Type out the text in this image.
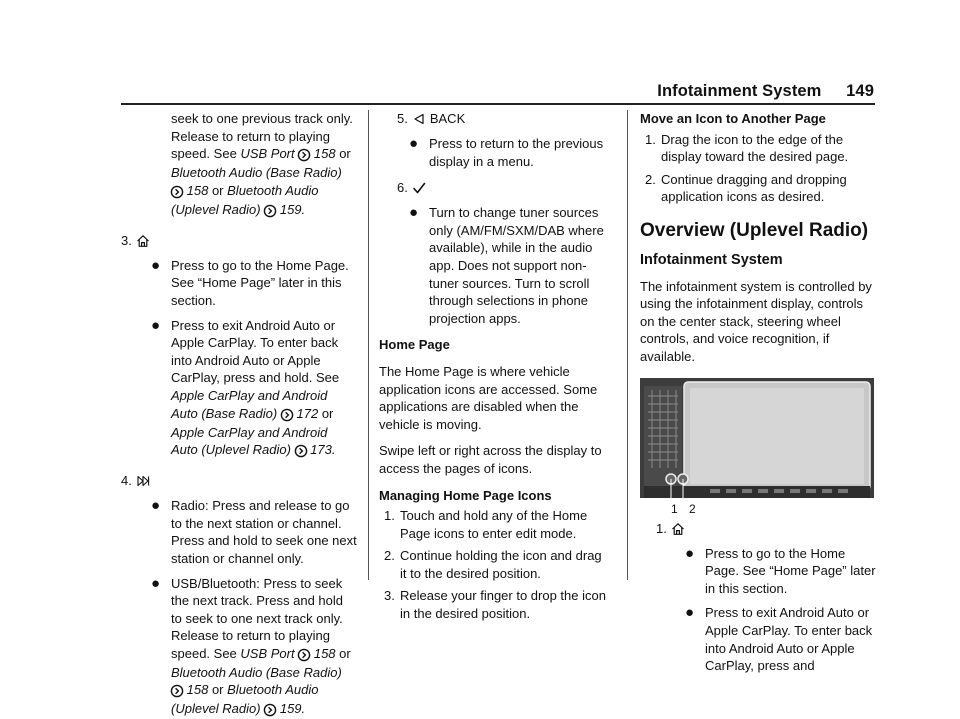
Infotainment System 149
seek to one previous track only. Release to return to playing speed. See USB Port 158 or Bluetooth Audio (Base Radio)
158 or Bluetooth Audio (Uplevel Radio) 159.
3.
● Press to go to the Home Page. See “Home Page” later in this section.
● Press to exit Android Auto or Apple CarPlay. To enter back into Android Auto or Apple CarPlay, press and hold. See Apple CarPlay and Android Auto (Base Radio) 172 or Apple CarPlay and Android Auto (Uplevel Radio) 173.
4.
● Radio: Press and release to go to the next station or channel. Press and hold to seek one next station or channel only.
● USB/Bluetooth: Press to seek the next track. Press and hold to seek to one next track only. Release to return to playing speed. See USB Port 158 or Bluetooth Audio (Base Radio)
158 or Bluetooth Audio (Uplevel Radio) 159.
5. BACK
● Press to return to the previous display in a menu.
6.
● Turn to change tuner sources only (AM/FM/SXM/DAB where available), while in the audio app. Does not support non-tuner sources. Turn to scroll through selections in phone projection apps.
Home Page
The Home Page is where vehicle application icons are accessed. Some applications are disabled when the vehicle is moving.
Swipe left or right across the display to access the pages of icons.
Managing Home Page Icons
1. Touch and hold any of the Home Page icons to enter edit mode.
2. Continue holding the icon and drag it to the desired position.
3. Release your finger to drop the icon in the desired position.
Move an Icon to Another Page
1. Drag the icon to the edge of the display toward the desired page.
2. Continue dragging and dropping application icons as desired.
Overview (Uplevel Radio)
Infotainment System
The infotainment system is controlled by using the infotainment display, controls on the center stack, steering wheel controls, and voice recognition, if available.
1 2
1.
● Press to go to the Home Page. See “Home Page” later in this section.
● Press to exit Android Auto or Apple CarPlay. To enter back into Android Auto or Apple CarPlay, press and
